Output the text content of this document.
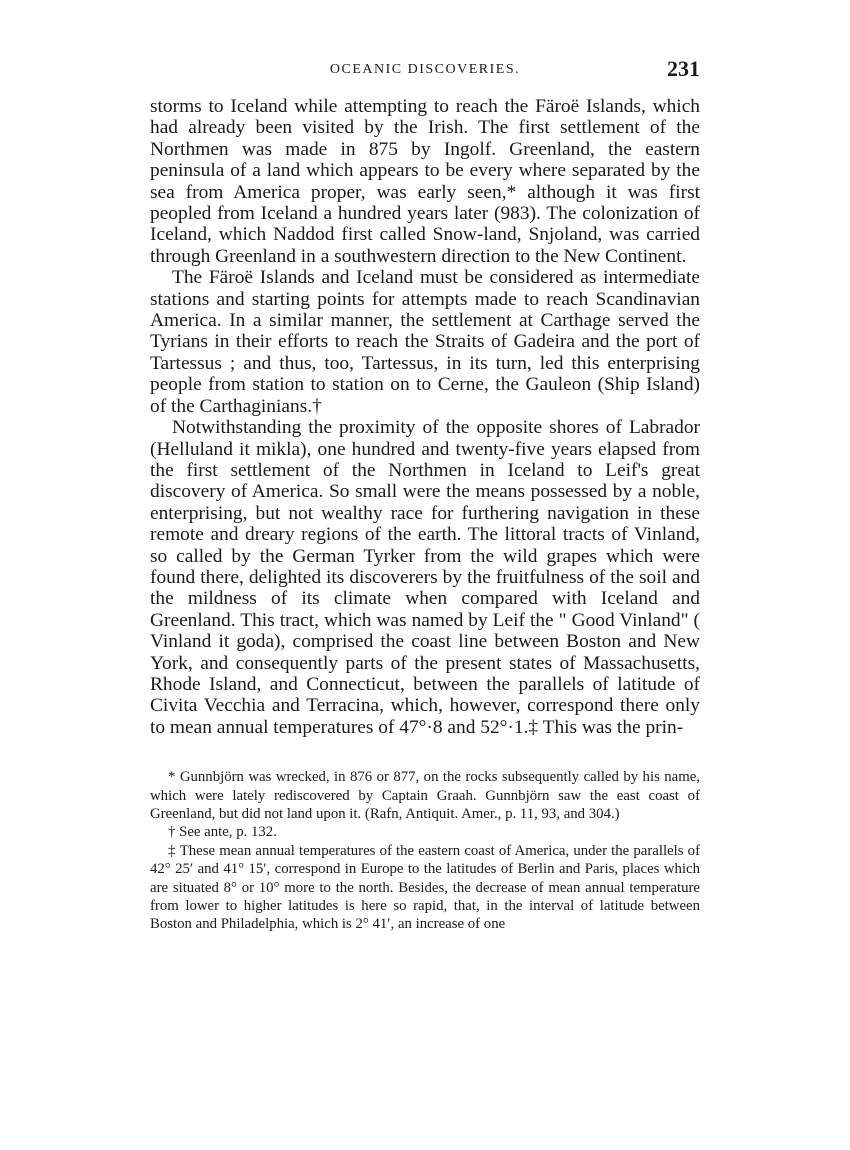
OCEANIC DISCOVERIES.	231

storms to Iceland while attempting to reach the Färoë Islands, which had already been visited by the Irish. The first settlement of the Northmen was made in 875 by Ingolf. Greenland, the eastern peninsula of a land which appears to be every where separated by the sea from America proper, was early seen,* although it was first peopled from Iceland a hundred years later (983). The colonization of Iceland, which Naddod first called Snow-land, Snjoland, was carried through Greenland in a southwestern direction to the New Continent.

The Färoë Islands and Iceland must be considered as intermediate stations and starting points for attempts made to reach Scandinavian America. In a similar manner, the settlement at Carthage served the Tyrians in their efforts to reach the Straits of Gadeira and the port of Tartessus ; and thus, too, Tartessus, in its turn, led this enterprising people from station to station on to Cerne, the Gauleon (Ship Island) of the Carthaginians.†

Notwithstanding the proximity of the opposite shores of Labrador (Helluland it mikla), one hundred and twenty-five years elapsed from the first settlement of the Northmen in Iceland to Leif's great discovery of America. So small were the means possessed by a noble, enterprising, but not wealthy race for furthering navigation in these remote and dreary regions of the earth. The littoral tracts of Vinland, so called by the German Tyrker from the wild grapes which were found there, delighted its discoverers by the fruitfulness of the soil and the mildness of its climate when compared with Iceland and Greenland. This tract, which was named by Leif the " Good Vinland" ( Vinland it goda), comprised the coast line between Boston and New York, and consequently parts of the present states of Massachusetts, Rhode Island, and Connecticut, between the parallels of latitude of Civita Vecchia and Terracina, which, however, correspond there only to mean annual temperatures of 47°·8 and 52°·1.‡ This was the prin-

* Gunnbjörn was wrecked, in 876 or 877, on the rocks subsequently called by his name, which were lately rediscovered by Captain Graah. Gunnbjörn saw the east coast of Greenland, but did not land upon it. (Rafn, Antiquit. Amer., p. 11, 93, and 304.)

† See ante, p. 132.

‡ These mean annual temperatures of the eastern coast of America, under the parallels of 42° 25′ and 41° 15′, correspond in Europe to the latitudes of Berlin and Paris, places which are situated 8° or 10° more to the north. Besides, the decrease of mean annual temperature from lower to higher latitudes is here so rapid, that, in the interval of latitude between Boston and Philadelphia, which is 2° 41′, an increase of one
